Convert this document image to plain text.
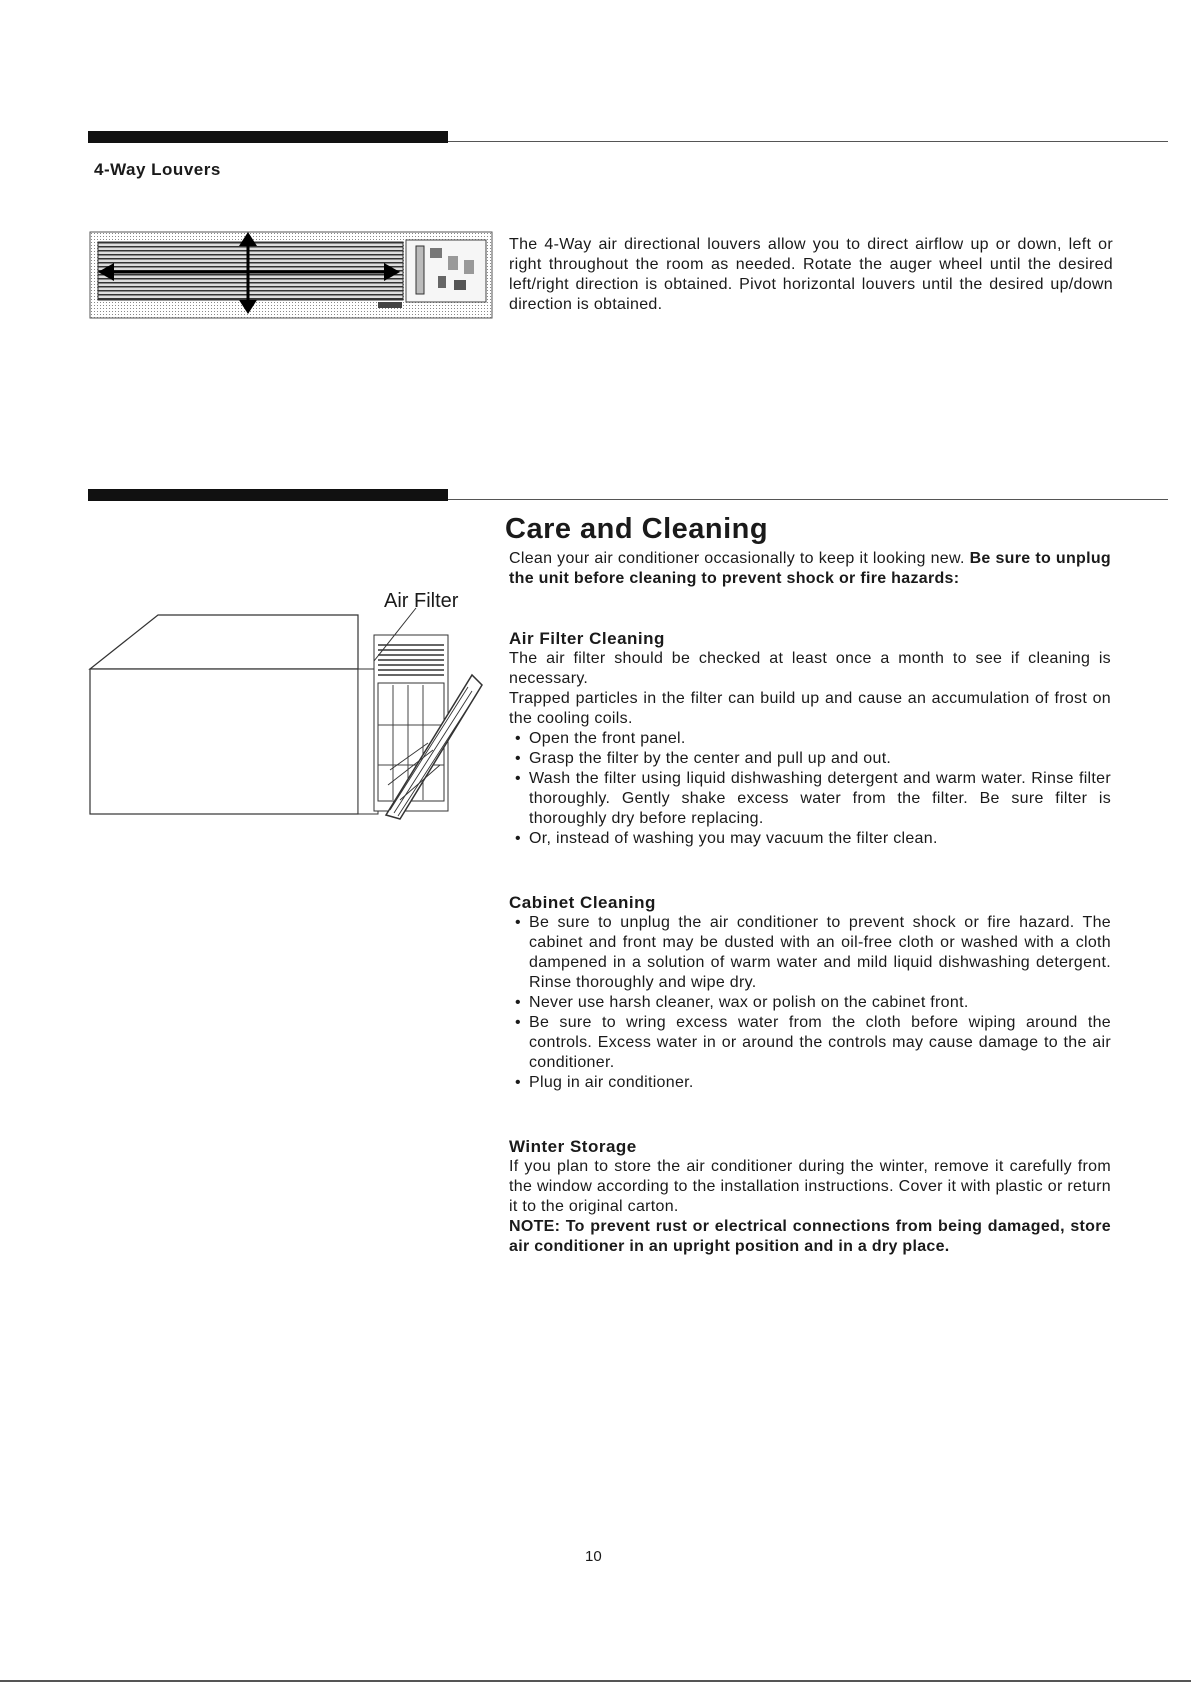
4-Way Louvers

The 4-Way air directional louvers allow you to direct airflow up or down, left or right throughout the room as needed. Rotate the auger wheel until the desired left/right direction is obtained. Pivot horizontal louvers until the desired up/down direction is obtained.

Care and Cleaning

Clean your air conditioner occasionally to keep it looking new. Be sure to unplug the unit before cleaning to prevent shock or fire hazards:

Air Filter
Air Filter Cleaning

The air filter should be checked at least once a month to see if cleaning is necessary.

Trapped particles in the filter can build up and cause an accumulation of frost on the cooling coils.

• Open the front panel.
• Grasp the filter by the center and pull up and out.
• Wash the filter using liquid dishwashing detergent and warm water. Rinse filter thoroughly. Gently shake excess water from the filter. Be sure filter is thoroughly dry before replacing.
• Or, instead of washing you may vacuum the filter clean.
Cabinet Cleaning
• Be sure to unplug the air conditioner to prevent shock or fire hazard. The cabinet and front may be dusted with an oil-free cloth or washed with a cloth dampened in a solution of warm water and mild liquid dishwashing detergent. Rinse thoroughly and wipe dry.
• Never use harsh cleaner, wax or polish on the cabinet front.
• Be sure to wring excess water from the cloth before wiping around the controls. Excess water in or around the controls may cause damage to the air conditioner.
• Plug in air conditioner.
Winter Storage

If you plan to store the air conditioner during the winter, remove it carefully from the window according to the installation instructions. Cover it with plastic or return it to the original carton.

NOTE: To prevent rust or electrical connections from being damaged, store air conditioner in an upright position and in a dry place.

10
